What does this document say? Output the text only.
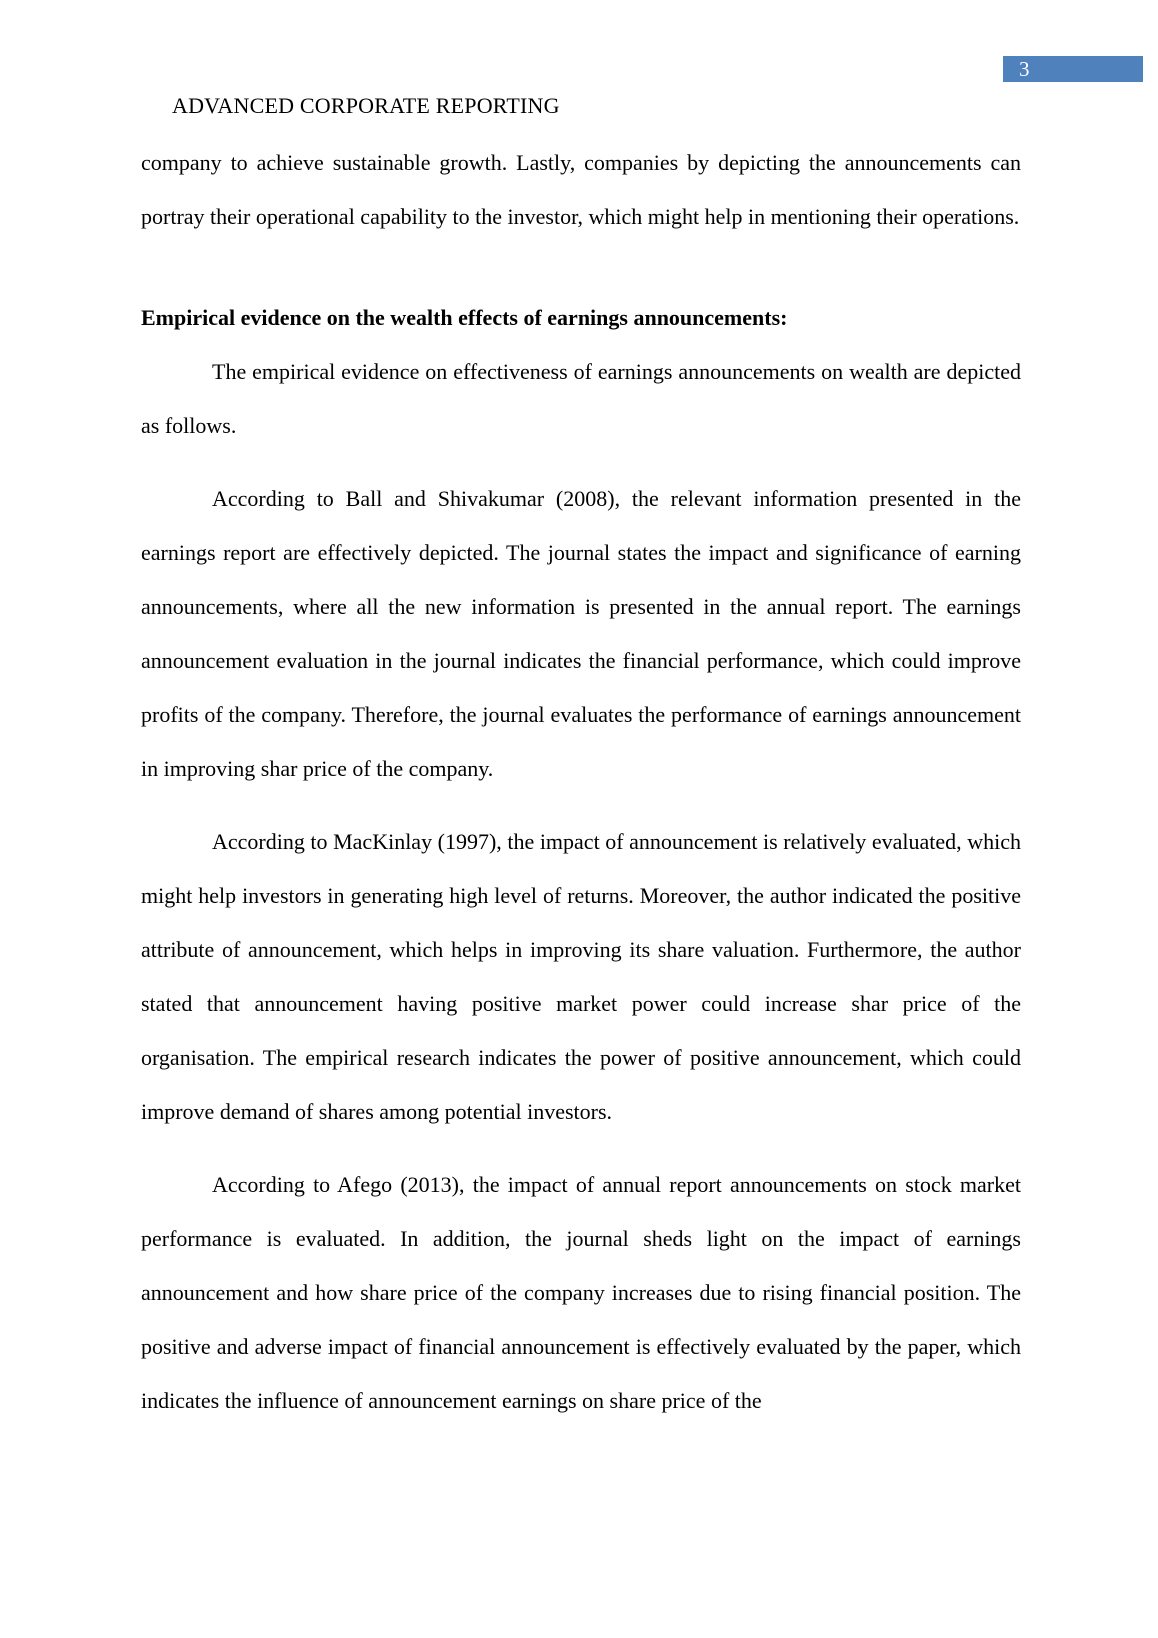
3
ADVANCED CORPORATE REPORTING

company to achieve sustainable growth. Lastly, companies by depicting the announcements can portray their operational capability to the investor, which might help in mentioning their operations.

Empirical evidence on the wealth effects of earnings announcements:

The empirical evidence on effectiveness of earnings announcements on wealth are depicted as follows.

According to Ball and Shivakumar (2008), the relevant information presented in the earnings report are effectively depicted. The journal states the impact and significance of earning announcements, where all the new information is presented in the annual report. The earnings announcement evaluation in the journal indicates the financial performance, which could improve profits of the company. Therefore, the journal evaluates the performance of earnings announcement in improving shar price of the company.

According to MacKinlay (1997), the impact of announcement is relatively evaluated, which might help investors in generating high level of returns. Moreover, the author indicated the positive attribute of announcement, which helps in improving its share valuation. Furthermore, the author stated that announcement having positive market power could increase shar price of the organisation. The empirical research indicates the power of positive announcement, which could improve demand of shares among potential investors.

According to Afego (2013), the impact of annual report announcements on stock market performance is evaluated. In addition, the journal sheds light on the impact of earnings announcement and how share price of the company increases due to rising financial position. The positive and adverse impact of financial announcement is effectively evaluated by the paper, which indicates the influence of announcement earnings on share price of the
